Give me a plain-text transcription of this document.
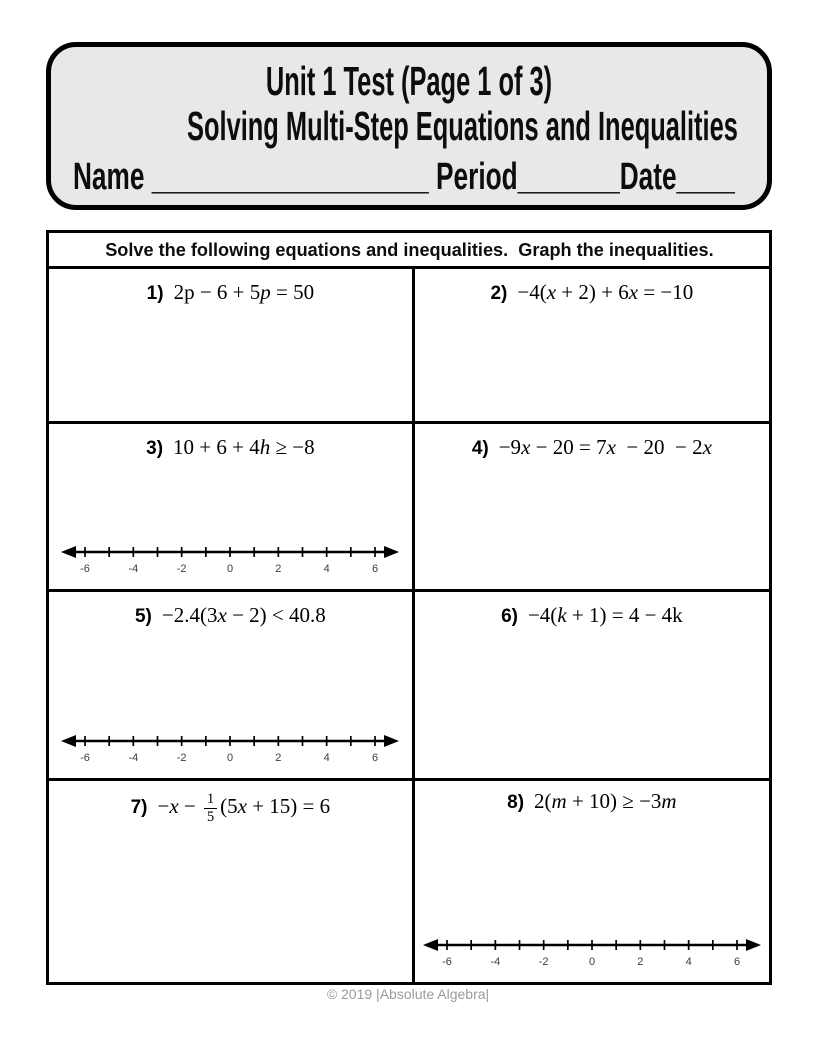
Unit 1 Test (Page 1 of 3)
Solving Multi-Step Equations and Inequalities
Name ___________________ Period_______Date____
Solve the following equations and inequalities.  Graph the inequalities.
1) 2p − 6 + 5p = 50	2) −4(x + 2) + 6x = −10
3) 10 + 6 + 4h ≥ −8
-6	-4	-2	0	2	4	6
4) −9x − 20 = 7x  − 20  − 2x
5) −2.4(3x − 2) < 40.8
-6	-4	-2	0	2	4	6
6) −4(k + 1) = 4 − 4k
$7) -x - \frac{1}{5} (5x + 15) = 6$	8) 2(m + 10) ≥ −3m
-6	-4	-2	0	2	4	6
© 2019 |Absolute Algebra|
